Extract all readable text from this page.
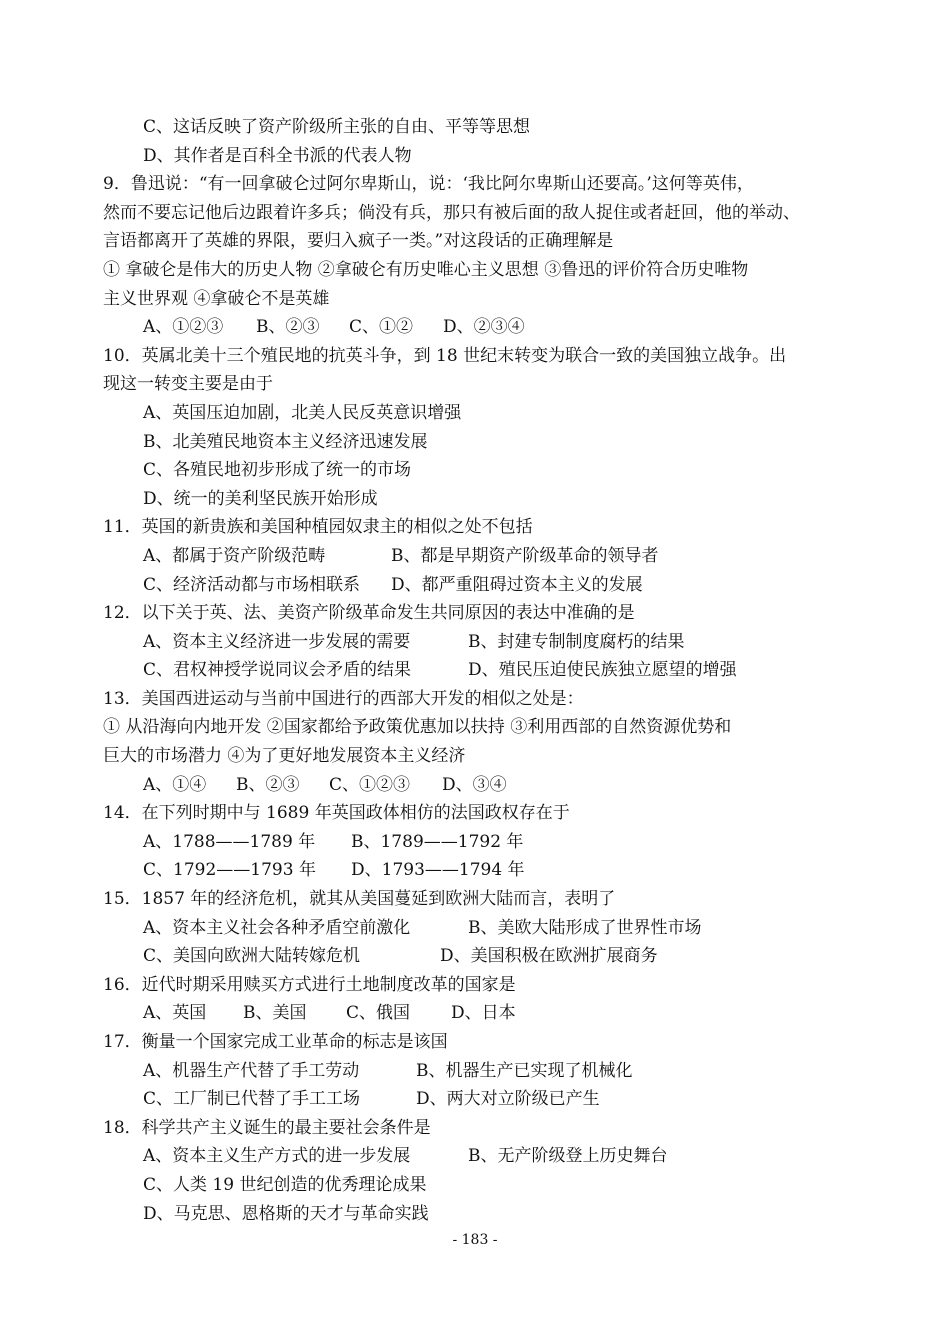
C、这话反映了资产阶级所主张的自由、平等等思想
D、其作者是百科全书派的代表人物
9．鲁迅说：“有一回拿破仑过阿尔卑斯山，说：‘我比阿尔卑斯山还要高。’这何等英伟，
然而不要忘记他后边跟着许多兵；倘没有兵，那只有被后面的敌人捉住或者赶回，他的举动、
言语都离开了英雄的界限，要归入疯子一类。”对这段话的正确理解是
① 拿破仑是伟大的历史人物 ②拿破仑有历史唯心主义思想 ③鲁迅的评价符合历史唯物
主义世界观 ④拿破仑不是英雄
A、①②③ B、②③ C、①② D、②③④
10．英属北美十三个殖民地的抗英斗争，到 18 世纪末转变为联合一致的美国独立战争。出
现这一转变主要是由于
A、英国压迫加剧，北美人民反英意识增强
B、北美殖民地资本主义经济迅速发展
C、各殖民地初步形成了统一的市场
D、统一的美利坚民族开始形成
11．英国的新贵族和美国种植园奴隶主的相似之处不包括
A、都属于资产阶级范畴	B、都是早期资产阶级革命的领导者
C、经济活动都与市场相联系 D、都严重阻碍过资本主义的发展
12．以下关于英、法、美资产阶级革命发生共同原因的表达中准确的是
A、资本主义经济进一步发展的需要	B、封建专制制度腐朽的结果
C、君权神授学说同议会矛盾的结果	D、殖民压迫使民族独立愿望的增强
13．美国西进运动与当前中国进行的西部大开发的相似之处是：
① 从沿海向内地开发 ②国家都给予政策优惠加以扶持 ③利用西部的自然资源优势和
巨大的市场潜力 ④为了更好地发展资本主义经济
A、①④ B、②③ C、①②③ D、③④
14．在下列时期中与 1689 年英国政体相仿的法国政权存在于
A、1788——1789 年 B、1789——1792 年
C、1792——1793 年 D、1793——1794 年
15．1857 年的经济危机，就其从美国蔓延到欧洲大陆而言，表明了
A、资本主义社会各种矛盾空前激化	B、美欧大陆形成了世界性市场
C、美国向欧洲大陆转嫁危机	D、美国积极在欧洲扩展商务
16．近代时期采用赎买方式进行土地制度改革的国家是
A、英国 B、美国 C、俄国 D、日本
17．衡量一个国家完成工业革命的标志是该国
A、机器生产代替了手工劳动	B、机器生产已实现了机械化
C、工厂制已代替了手工工场	D、两大对立阶级已产生
18．科学共产主义诞生的最主要社会条件是
A、资本主义生产方式的进一步发展	B、无产阶级登上历史舞台
C、人类 19 世纪创造的优秀理论成果
D、马克思、恩格斯的天才与革命实践
- 183 -
